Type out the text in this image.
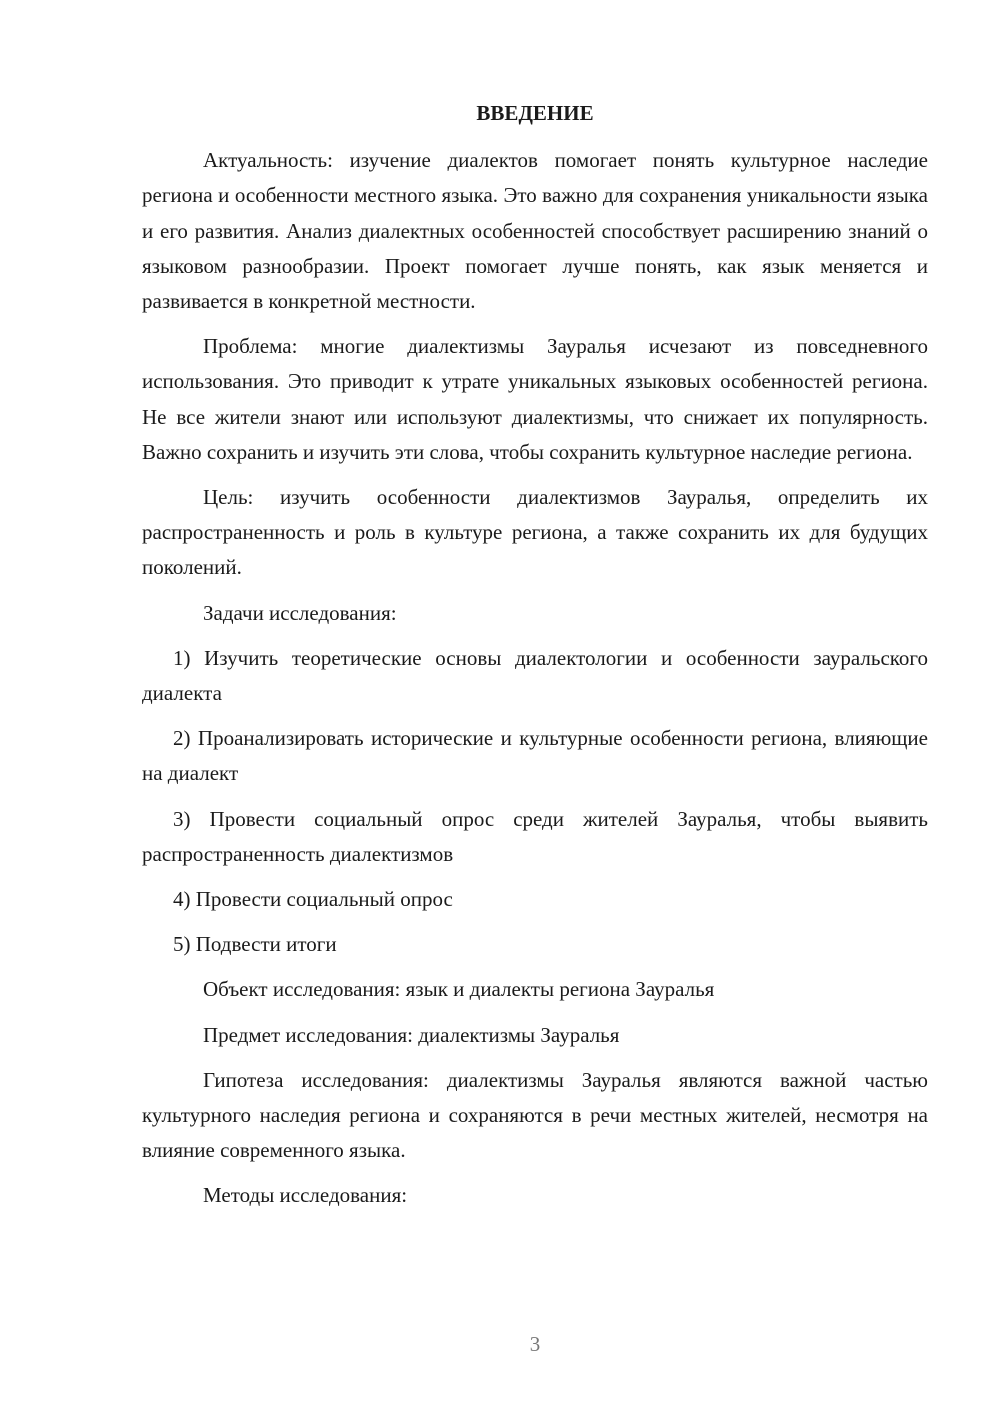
ВВЕДЕНИЕ

Актуальность: изучение диалектов помогает понять культурное наследие региона и особенности местного языка. Это важно для сохранения уникальности языка и его развития. Анализ диалектных особенностей способствует расширению знаний о языковом разнообразии. Проект помогает лучше понять, как язык меняется и развивается в конкретной местности.

Проблема: многие диалектизмы Зауралья исчезают из повседневного использования. Это приводит к утрате уникальных языковых особенностей региона. Не все жители знают или используют диалектизмы, что снижает их популярность. Важно сохранить и изучить эти слова, чтобы сохранить культурное наследие региона.

Цель: изучить особенности диалектизмов Зауралья, определить их распространенность и роль в культуре региона, а также сохранить их для будущих поколений.

Задачи исследования:

1) Изучить теоретические основы диалектологии и особенности зауральского диалекта

2) Проанализировать исторические и культурные особенности региона, влияющие на диалект

3) Провести социальный опрос среди жителей Зауралья, чтобы выявить распространенность диалектизмов

4) Провести социальный опрос

5) Подвести итоги

Объект исследования: язык и диалекты региона Зауралья

Предмет исследования: диалектизмы Зауралья

Гипотеза исследования: диалектизмы Зауралья являются важной частью культурного наследия региона и сохраняются в речи местных жителей, несмотря на влияние современного языка.

Методы исследования:

3
